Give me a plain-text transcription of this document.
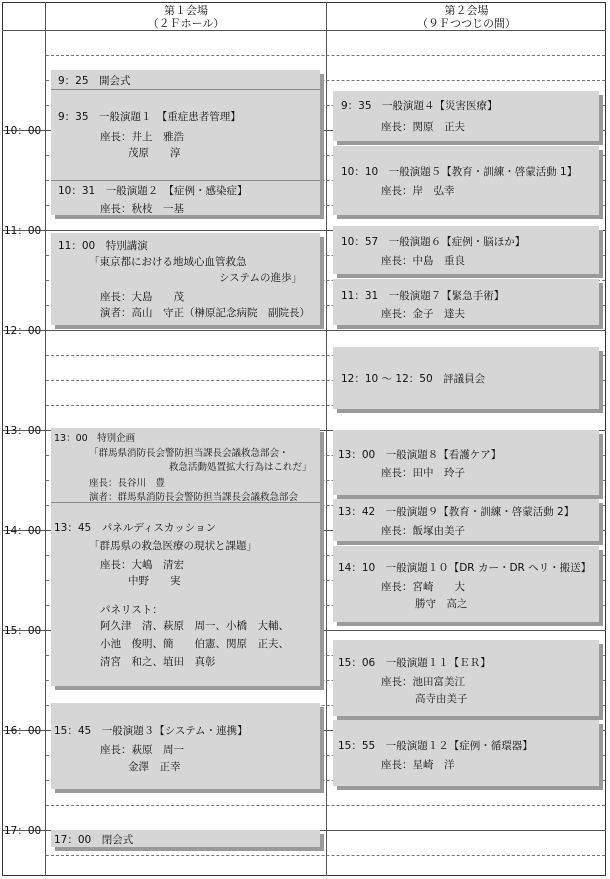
第１会場
（２Ｆホール）
第２会場
（９Ｆつつじの間）
10：00
11：00
12：00
13：00
14：00
15：00
16：00
17：00
9：25　開会式
9：35　一般演題１　【重症患者管理】
座長：井上　雅浩
茂原　　淳
10：31　一般演題２　【症例・感染症】
座長：秋枝　一基
11：00　特別講演
「東京都における地域心血管救急
システムの進歩」
座長：大島　　茂
演者：高山　守正（榊原記念病院　副院長）
13：00　特別企画
「群馬県消防長会警防担当課長会議救急部会・
救急活動処置拡大行為はこれだ」
座長：長谷川　豊
演者：群馬県消防長会警防担当課長会議救急部会
13：45　パネルディスカッション
「群馬県の救急医療の現状と課題」
座長：大嶋　清宏
中野　　実
パネリスト：
阿久津　清、萩原　周一、小橋　大輔、
小池　俊明、簡　　伯憲、関原　正夫、
清宮　和之、埴田　真彰
15：45　一般演題３【システム・連携】
座長：萩原　周一
金澤　正幸
17：00　閉会式
9：35　一般演題４【災害医療】
座長：関原　正夫
10：10　一般演題５【教育・訓練・啓蒙活動 1】
座長：岸　弘幸
10：57　一般演題６【症例・脳ほか】
座長：中島　重良
11：31　一般演題７【緊急手術】
座長：金子　達夫
12：10 ～ 12：50　評議員会
13：00　一般演題８【看護ケア】
座長：田中　玲子
13：42　一般演題９【教育・訓練・啓蒙活動 2】
座長：飯塚由美子
14：10　一般演題１０【DR カー・DR ヘリ・搬送】
座長：宮崎　　大
勝守　高之
15：06　一般演題１１【ＥＲ】
座長：池田富美江
高寺由美子
15：55　一般演題１２【症例・循環器】
座長：星崎　洋
